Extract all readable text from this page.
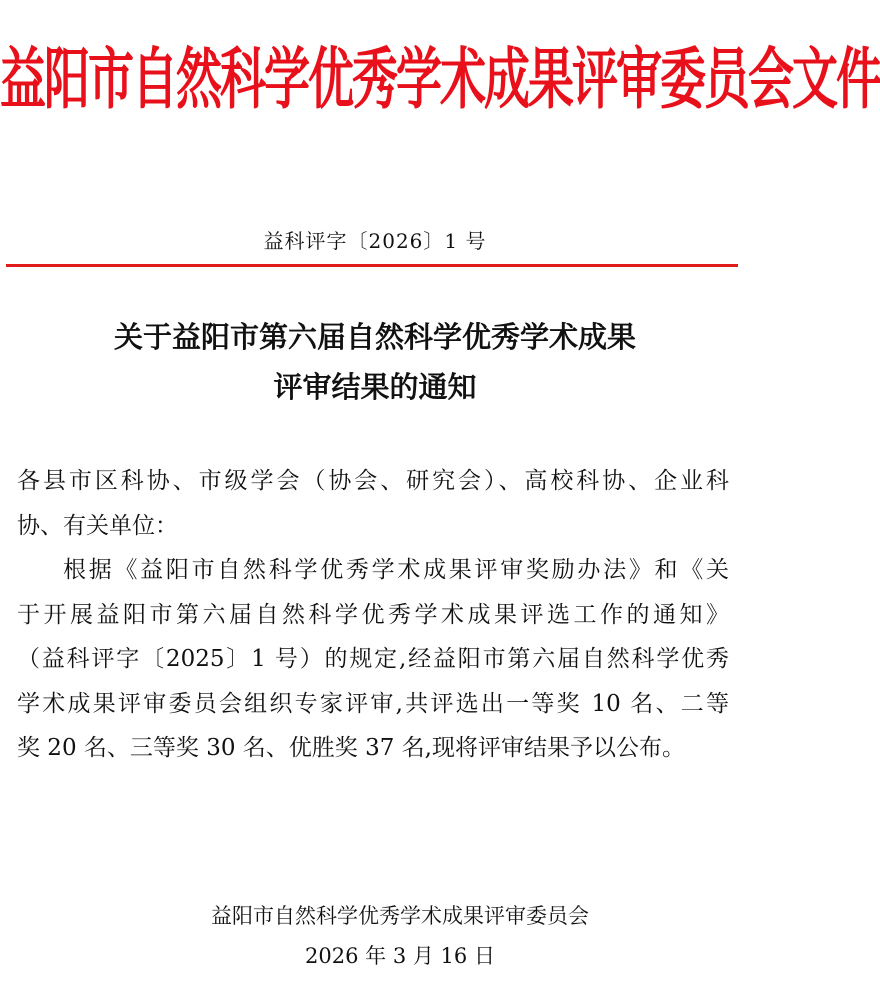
益阳市自然科学优秀学术成果评审委员会文件
益科评字〔2026〕1 号
关于益阳市第六届自然科学优秀学术成果
评审结果的通知
各县市区科协、市级学会（协会、研究会）、高校科协、企业科
协、有关单位：
根据《益阳市自然科学优秀学术成果评审奖励办法》和《关
于开展益阳市第六届自然科学优秀学术成果评选工作的通知》
（益科评字〔2025〕1 号）的规定,经益阳市第六届自然科学优秀
学术成果评审委员会组织专家评审,共评选出一等奖 10 名、二等
奖 20 名、三等奖 30 名、优胜奖 37 名,现将评审结果予以公布。
益阳市自然科学优秀学术成果评审委员会
2026 年 3 月 16 日
